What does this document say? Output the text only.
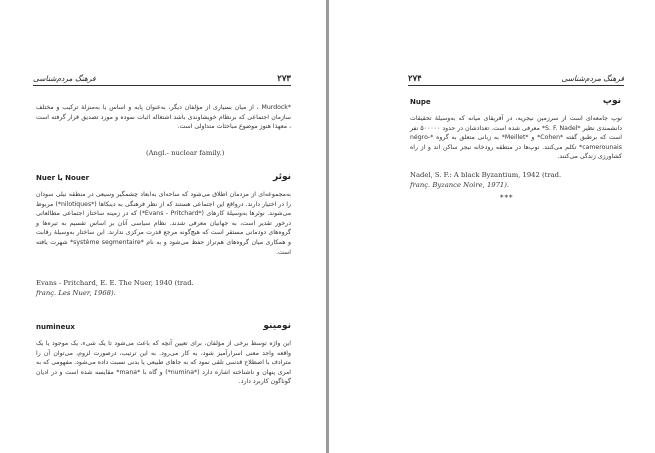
فرهنگ مردم‌شناسی	۲۷۳
*Murdock ، از میان بسیاری از مؤلفان دیگر، به‌عنوان پایه و اساس یا به‌منزلۀ ترکیب و مختلف سازمان اجتماعی که برنظام خویشاوندی باشد اشتغاله اثبات نموده و مورد تصدیق قرار گرفته است ، معهذا هنوز موضوع مباحثات متداولی است.
(Angl.- nuclear family.)
Nuer یا Nouer	نوئر
به‌مجموعه‌ای از مردمان اطلاق می‌شود که ساحه‌ای به‌ابعاد چشمگیر وسیعی در منطقه نیلی سودان را در اختیار دارند. درواقع این اجتماعی هستند که از نظر فرهنگی به دینکاها (*nilotiques*) مربوط می‌شوند. نوئرها به‌وسیلۀ کارهای (*Evans - Pritchard*) که در زمینه ساختار اجتماعی مطالعاتی درخور تقدیر است، به جهانیان معرفی شدند. نظام سیاسی آنان بر اساس تقسیم به تیره‌ها و گروه‌های دودمانی مستقر است که هیچ‌گونه مرجع قدرت مرکزی ندارند. این ساختار به‌وسیلۀ رقابت و همکاری میان گروه‌های هم‌تراز حفظ می‌شود و به نام *système segmentaire* شهرت یافته است.
Evans - Pritchard, E. E. The Nuer, 1940 (trad.
franç. Les Nuer, 1968).
numineux	نومینو
این واژه توسط برخی از مؤلفان، برای تعیین آنچه که باعث می‌شود تا یک شیء، یک موجود یا یک واقعه واجد معنی اسرارآمیز شود، به کار می‌رود. به این ترتیب، درصورت لزوم، می‌توان آن را مترادف با اصطلاح قدسی تلقی نمود که به جاهای طبیعی یا بدنی نسبت داده می‌شود. مفهومی که به امری پنهان و ناشناخته اشاره دارد (*numina*) و گاه با *mana* مقایسه شده است و در ادیان گوناگون کاربرد دارد.
۲۷۴	فرهنگ مردم‌شناسی
Nupe	نوپ
نوپ جامعه‌ای است از سرزمین نیجریه، در آفریقای میانه که به‌وسیلۀ تحقیقات دانشمندی نظیر *S. F. Nadel* معرفی شده است. تعدادشان در حدود ۵۰۰۰۰۰ نفر است که برطبق گفته *Cohen* و *Meillet* به زبانی متعلق به گروه *négro-camerounais* تکلم می‌کنند. نوپ‌ها در منطقه رودخانه نیجر ساکن اند و از راه کشاورزی زندگی می‌کنند.
Nadel, S. F.: A black Byzantium, 1942 (trad.
franç. Byzance Noire, 1971).
***
